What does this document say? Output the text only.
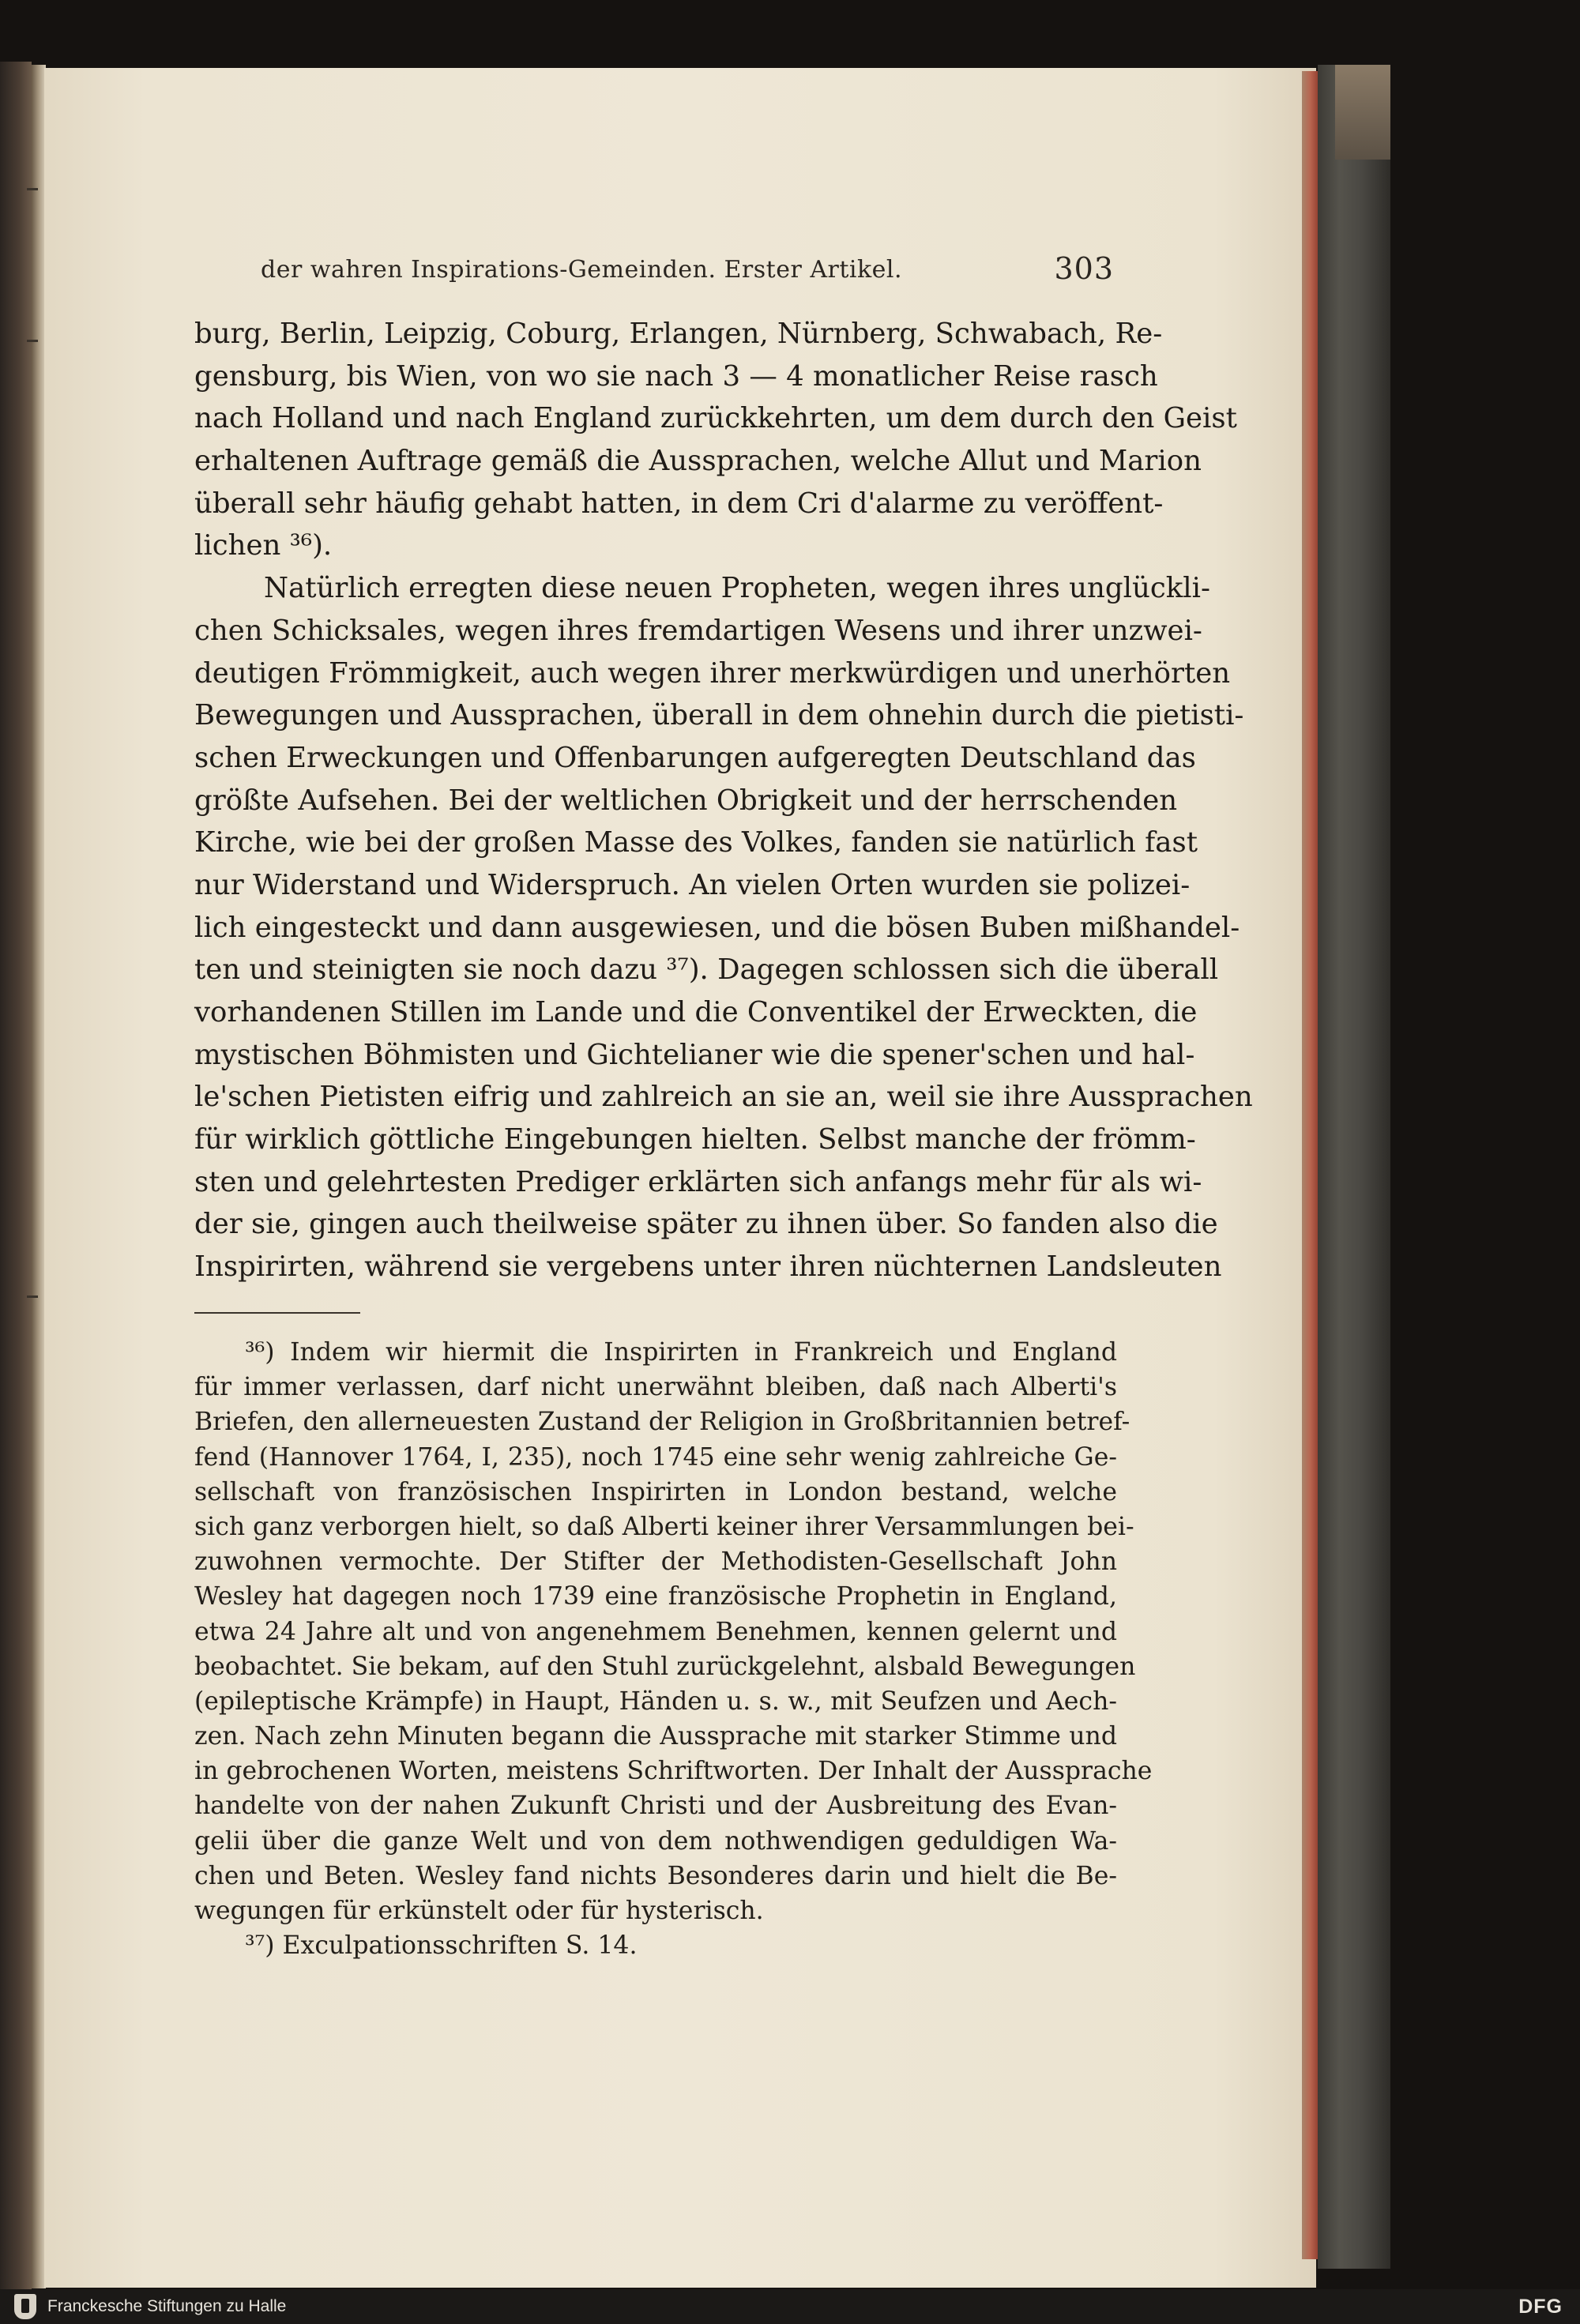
der wahren Inspirations-Gemeinden. Erster Artikel.	303
burg, Berlin, Leipzig, Coburg, Erlangen, Nürnberg, Schwabach, Re-
gensburg, bis Wien, von wo sie nach 3 — 4 monatlicher Reise rasch
nach Holland und nach England zurückkehrten, um dem durch den Geist
erhaltenen Auftrage gemäß die Aussprachen, welche Allut und Marion
überall sehr häufig gehabt hatten, in dem Cri d'alarme zu veröffent-
lichen ³⁶).
Natürlich erregten diese neuen Propheten, wegen ihres unglückli-
chen Schicksales, wegen ihres fremdartigen Wesens und ihrer unzwei-
deutigen Frömmigkeit, auch wegen ihrer merkwürdigen und unerhörten
Bewegungen und Aussprachen, überall in dem ohnehin durch die pietisti-
schen Erweckungen und Offenbarungen aufgeregten Deutschland das
größte Aufsehen. Bei der weltlichen Obrigkeit und der herrschenden
Kirche, wie bei der großen Masse des Volkes, fanden sie natürlich fast
nur Widerstand und Widerspruch. An vielen Orten wurden sie polizei-
lich eingesteckt und dann ausgewiesen, und die bösen Buben mißhandel-
ten und steinigten sie noch dazu ³⁷). Dagegen schlossen sich die überall
vorhandenen Stillen im Lande und die Conventikel der Erweckten, die
mystischen Böhmisten und Gichtelianer wie die spener'schen und hal-
le'schen Pietisten eifrig und zahlreich an sie an, weil sie ihre Aussprachen
für wirklich göttliche Eingebungen hielten. Selbst manche der frömm-
sten und gelehrtesten Prediger erklärten sich anfangs mehr für als wi-
der sie, gingen auch theilweise später zu ihnen über. So fanden also die
Inspirirten, während sie vergebens unter ihren nüchternen Landsleuten
³⁶) Indem wir hiermit die Inspirirten in Frankreich und England
für immer verlassen, darf nicht unerwähnt bleiben, daß nach Alberti's
Briefen, den allerneuesten Zustand der Religion in Großbritannien betref-
fend (Hannover 1764, I, 235), noch 1745 eine sehr wenig zahlreiche Ge-
sellschaft von französischen Inspirirten in London bestand, welche
sich ganz verborgen hielt, so daß Alberti keiner ihrer Versammlungen bei-
zuwohnen vermochte. Der Stifter der Methodisten-Gesellschaft John
Wesley hat dagegen noch 1739 eine französische Prophetin in England,
etwa 24 Jahre alt und von angenehmem Benehmen, kennen gelernt und
beobachtet. Sie bekam, auf den Stuhl zurückgelehnt, alsbald Bewegungen
(epileptische Krämpfe) in Haupt, Händen u. s. w., mit Seufzen und Aech-
zen. Nach zehn Minuten begann die Aussprache mit starker Stimme und
in gebrochenen Worten, meistens Schriftworten. Der Inhalt der Aussprache
handelte von der nahen Zukunft Christi und der Ausbreitung des Evan-
gelii über die ganze Welt und von dem nothwendigen geduldigen Wa-
chen und Beten. Wesley fand nichts Besonderes darin und hielt die Be-
wegungen für erkünstelt oder für hysterisch.
³⁷) Exculpationsschriften S. 14.
Franckesche Stiftungen zu Halle	DFG
